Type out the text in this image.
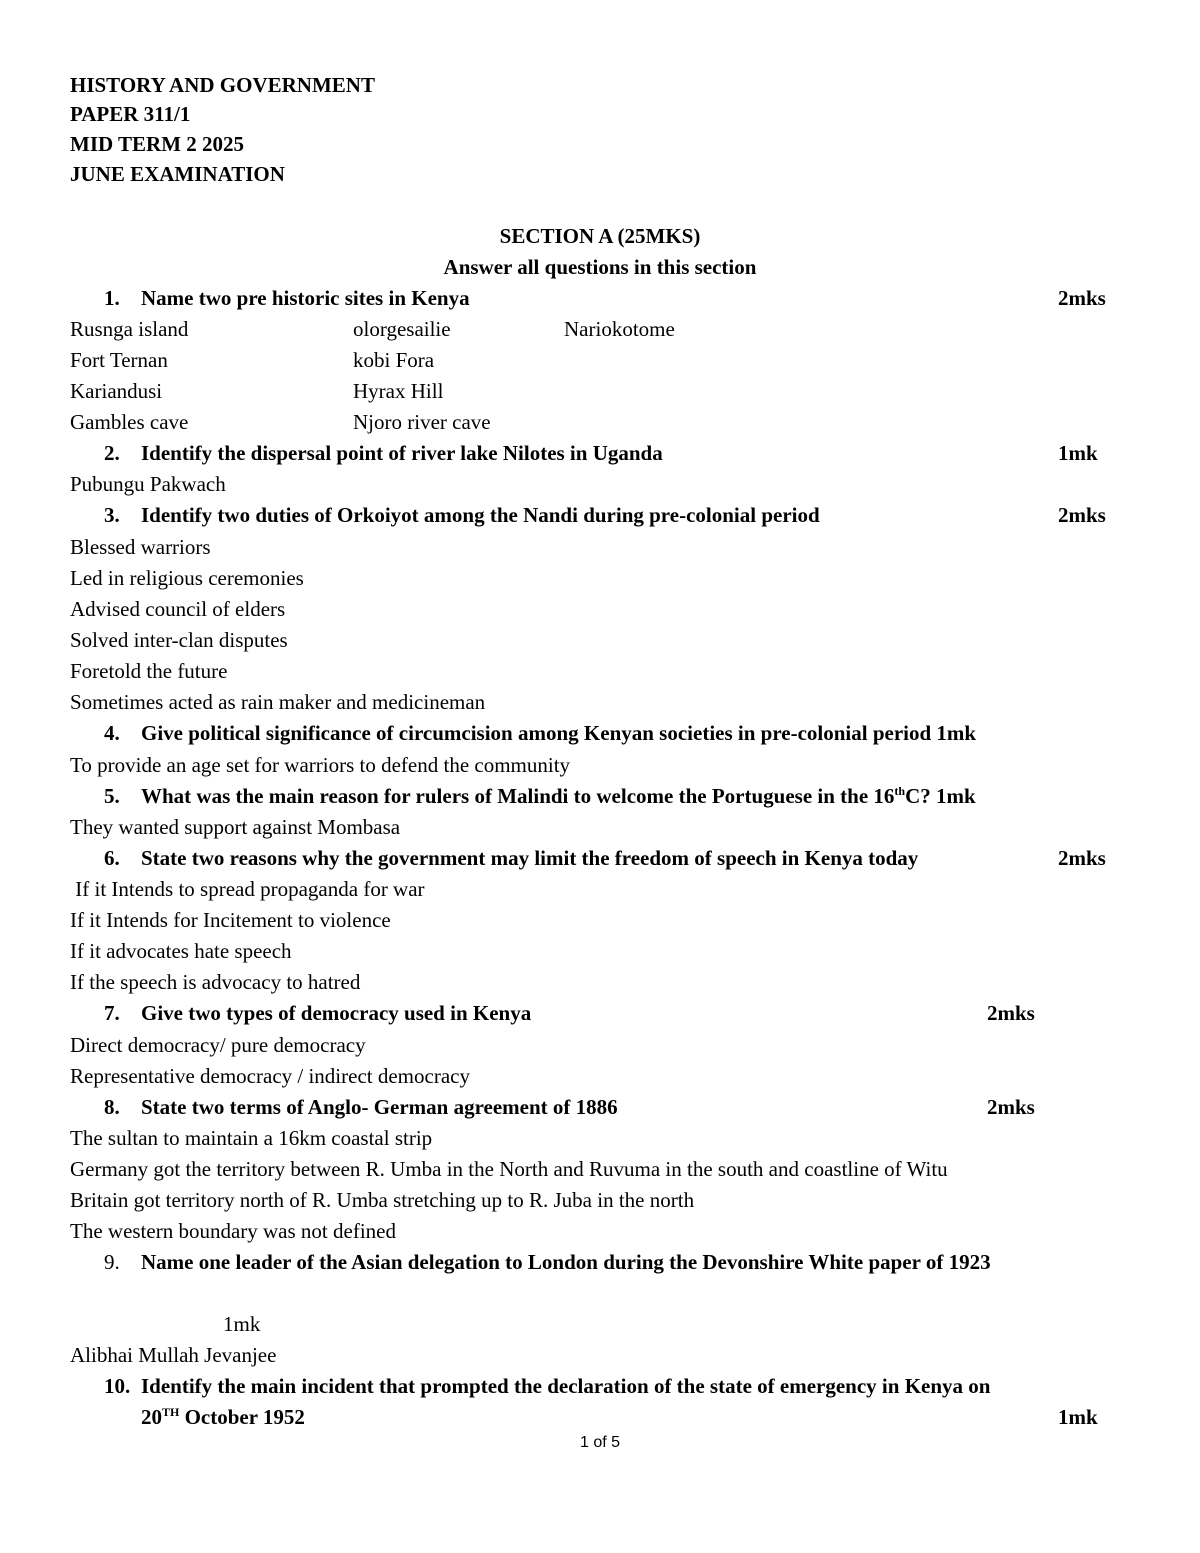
HISTORY AND GOVERNMENT
PAPER 311/1
MID TERM 2 2025
JUNE EXAMINATION
SECTION A (25MKS)
Answer all questions in this section
1. Name two pre historic sites in Kenya	2mks
Rusnga island	olorgesailie	Nariokotome
Fort Ternan	kobi Fora
Kariandusi	Hyrax Hill
Gambles cave	Njoro river cave
2. Identify the dispersal point of river lake Nilotes in Uganda	1mk
Pubungu Pakwach
3. Identify two duties of Orkoiyot among the Nandi during pre-colonial period	2mks
Blessed warriors
Led in religious ceremonies
Advised council of elders
Solved inter-clan disputes
Foretold the future
Sometimes acted as rain maker and medicineman
4. Give political significance of circumcision among Kenyan societies in pre-colonial period 1mk
To provide an age set for warriors to defend the community
5. What was the main reason for rulers of Malindi to welcome the Portuguese in the 16thC? 1mk
They wanted support against Mombasa
6. State two reasons why the government may limit the freedom of speech in Kenya today	2mks
If it Intends to spread propaganda for war
If it Intends for Incitement to violence
If it advocates hate speech
If the speech is advocacy to hatred
7. Give two types of democracy used in Kenya	2mks
Direct democracy/ pure democracy
Representative democracy / indirect democracy
8. State two terms of Anglo- German agreement of 1886	2mks
The sultan to maintain a 16km coastal strip
Germany got the territory between R. Umba in the North and Ruvuma in the south and coastline of Witu
Britain got territory north of R. Umba stretching up to R. Juba in the north
The western boundary was not defined
9. Name one leader of the Asian delegation to London during the Devonshire White paper of 1923
1mk
Alibhai Mullah Jevanjee
10. Identify the main incident that prompted the declaration of the state of emergency in Kenya on
20TH October 1952	1mk
1 of 5
